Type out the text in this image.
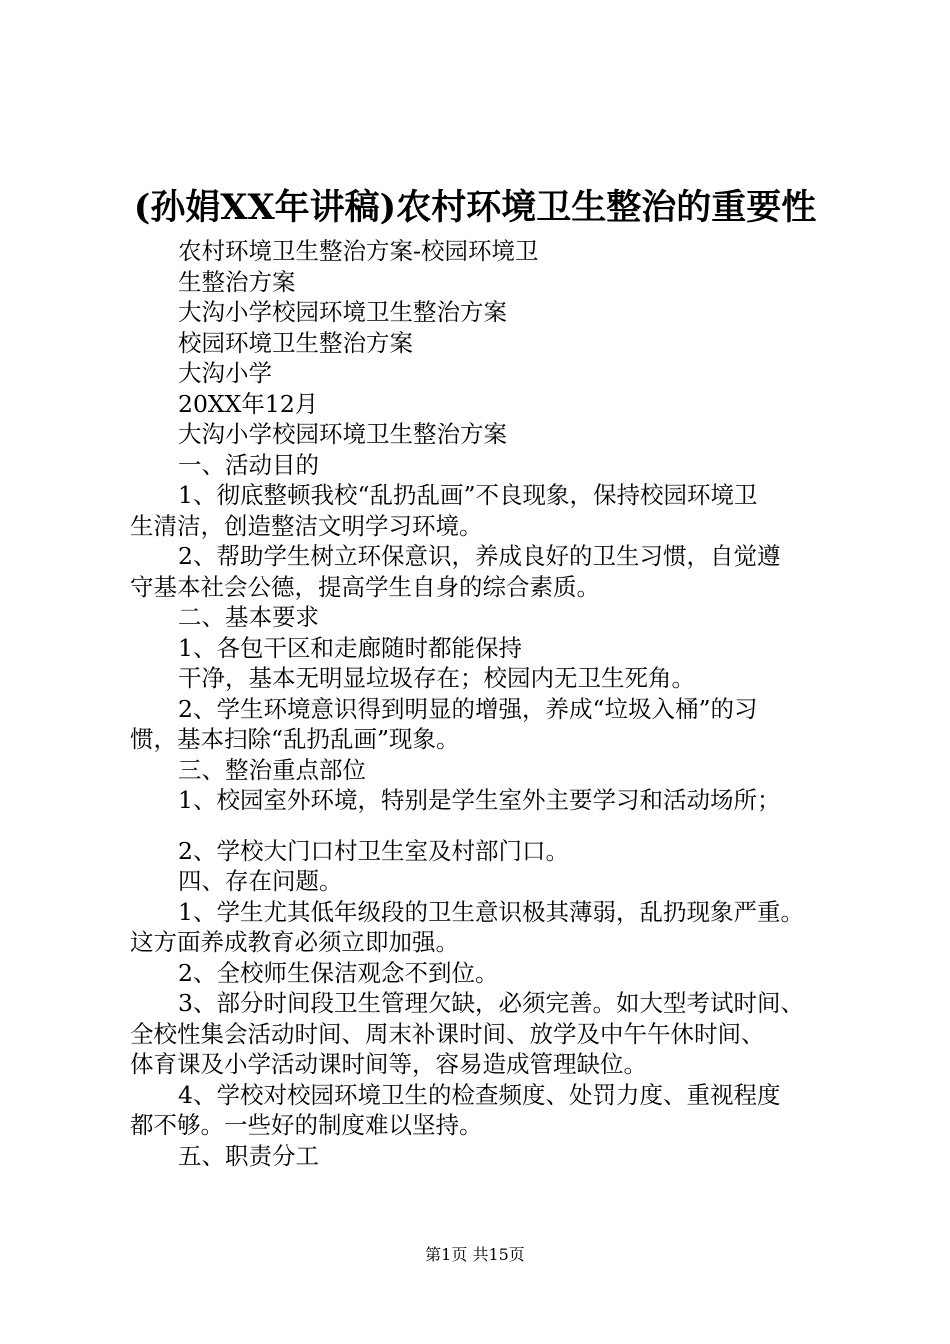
(孙娟XX年讲稿)农村环境卫生整治的重要性
农村环境卫生整治方案-校园环境卫
生整治方案
大沟小学校园环境卫生整治方案
校园环境卫生整治方案
大沟小学
20XX年12月
大沟小学校园环境卫生整治方案
一、活动目的
1、彻底整顿我校“乱扔乱画”不良现象，保持校园环境卫
生清洁，创造整洁文明学习环境。
2、帮助学生树立环保意识，养成良好的卫生习惯，自觉遵
守基本社会公德，提高学生自身的综合素质。
二、基本要求
1、各包干区和走廊随时都能保持
干净，基本无明显垃圾存在；校园内无卫生死角。
2、学生环境意识得到明显的增强，养成“垃圾入桶”的习
惯，基本扫除“乱扔乱画”现象。
三、整治重点部位
1、校园室外环境，特别是学生室外主要学习和活动场所；
2、学校大门口村卫生室及村部门口。
四、存在问题。
1、学生尤其低年级段的卫生意识极其薄弱，乱扔现象严重。
这方面养成教育必须立即加强。
2、全校师生保洁观念不到位。
3、部分时间段卫生管理欠缺，必须完善。如大型考试时间、
全校性集会活动时间、周末补课时间、放学及中午午休时间、
体育课及小学活动课时间等，容易造成管理缺位。
4、学校对校园环境卫生的检查频度、处罚力度、重视程度
都不够。一些好的制度难以坚持。
五、职责分工
第1页 共15页
